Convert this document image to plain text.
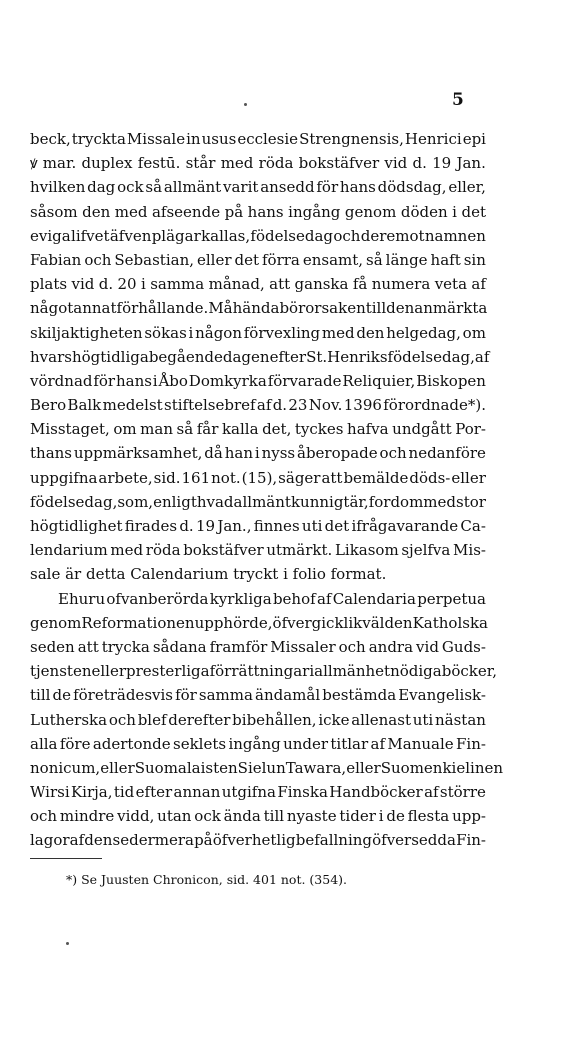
5
beck, tryckta Missale in usus ecclesie Strengnensis, Henrici epi
ꝟ mar. duplex festū. står med röda bokstäfver vid d. 19 Jan.
hvilken dag ock så allmänt varit ansedd för hans dödsdag, eller,
såsom den med afseende på hans ingång genom döden i det
eviga lifvet äfven plägar kallas, födelsedag och deremot namnen
Fabian och Sebastian, eller det förra ensamt, så länge haft sin
plats vid d. 20 i samma månad, att ganska få numera veta af
något annat förhållande. Måhända bör orsaken till den anmärkta
skiljaktigheten sökas i någon förvexling med den helgedag, om
hvars högtidliga begående dagen efter St. Henriks födelsedag, af
vördnad för hans i Åbo Domkyrka förvarade Reliquier, Biskopen
Bero Balk medelst stiftelsebref af d. 23 Nov. 1396 förordnade*).
Misstaget, om man så får kalla det, tyckes hafva undgått Por-
thans uppmärksamhet, då han i nyss åberopade och nedanföre
uppgifna arbete, sid. 161 not. (15), säger att bemälde döds- eller
födelsedag, som, enligt hvad allmänt kunnigt är, fordom med stor
högtidlighet firades d. 19 Jan., finnes uti det ifrågavarande Ca-
lendarium med röda bokstäfver utmärkt. Likasom sjelfva Mis-
sale är detta Calendarium tryckt i folio format.
Ehuru ofvanberörda kyrkliga behof af Calendaria perpetua
genom Reformationen upphörde, öfvergick likväl den Katholska
seden att trycka sådana framför Missaler och andra vid Guds-
tjensten eller presterliga förrättningar i allmänhet nödiga böcker,
till de företrädesvis för samma ändamål bestämda Evangelisk-
Lutherska och blef derefter bibehållen, icke allenast uti nästan
alla före adertonde seklets ingång under titlar af Manuale Fin-
nonicum, eller Suomalaisten Sielun Tawara, eller Suomenkielinen
Wirsi Kirja, tid efter annan utgifna Finska Handböcker af större
och mindre vidd, utan ock ända till nyaste tider i de flesta upp-
lagor af den sedermera på öfverhetlig befallning öfversedda Fin-
*) Se Juusten Chronicon, sid. 401 not. (354).
